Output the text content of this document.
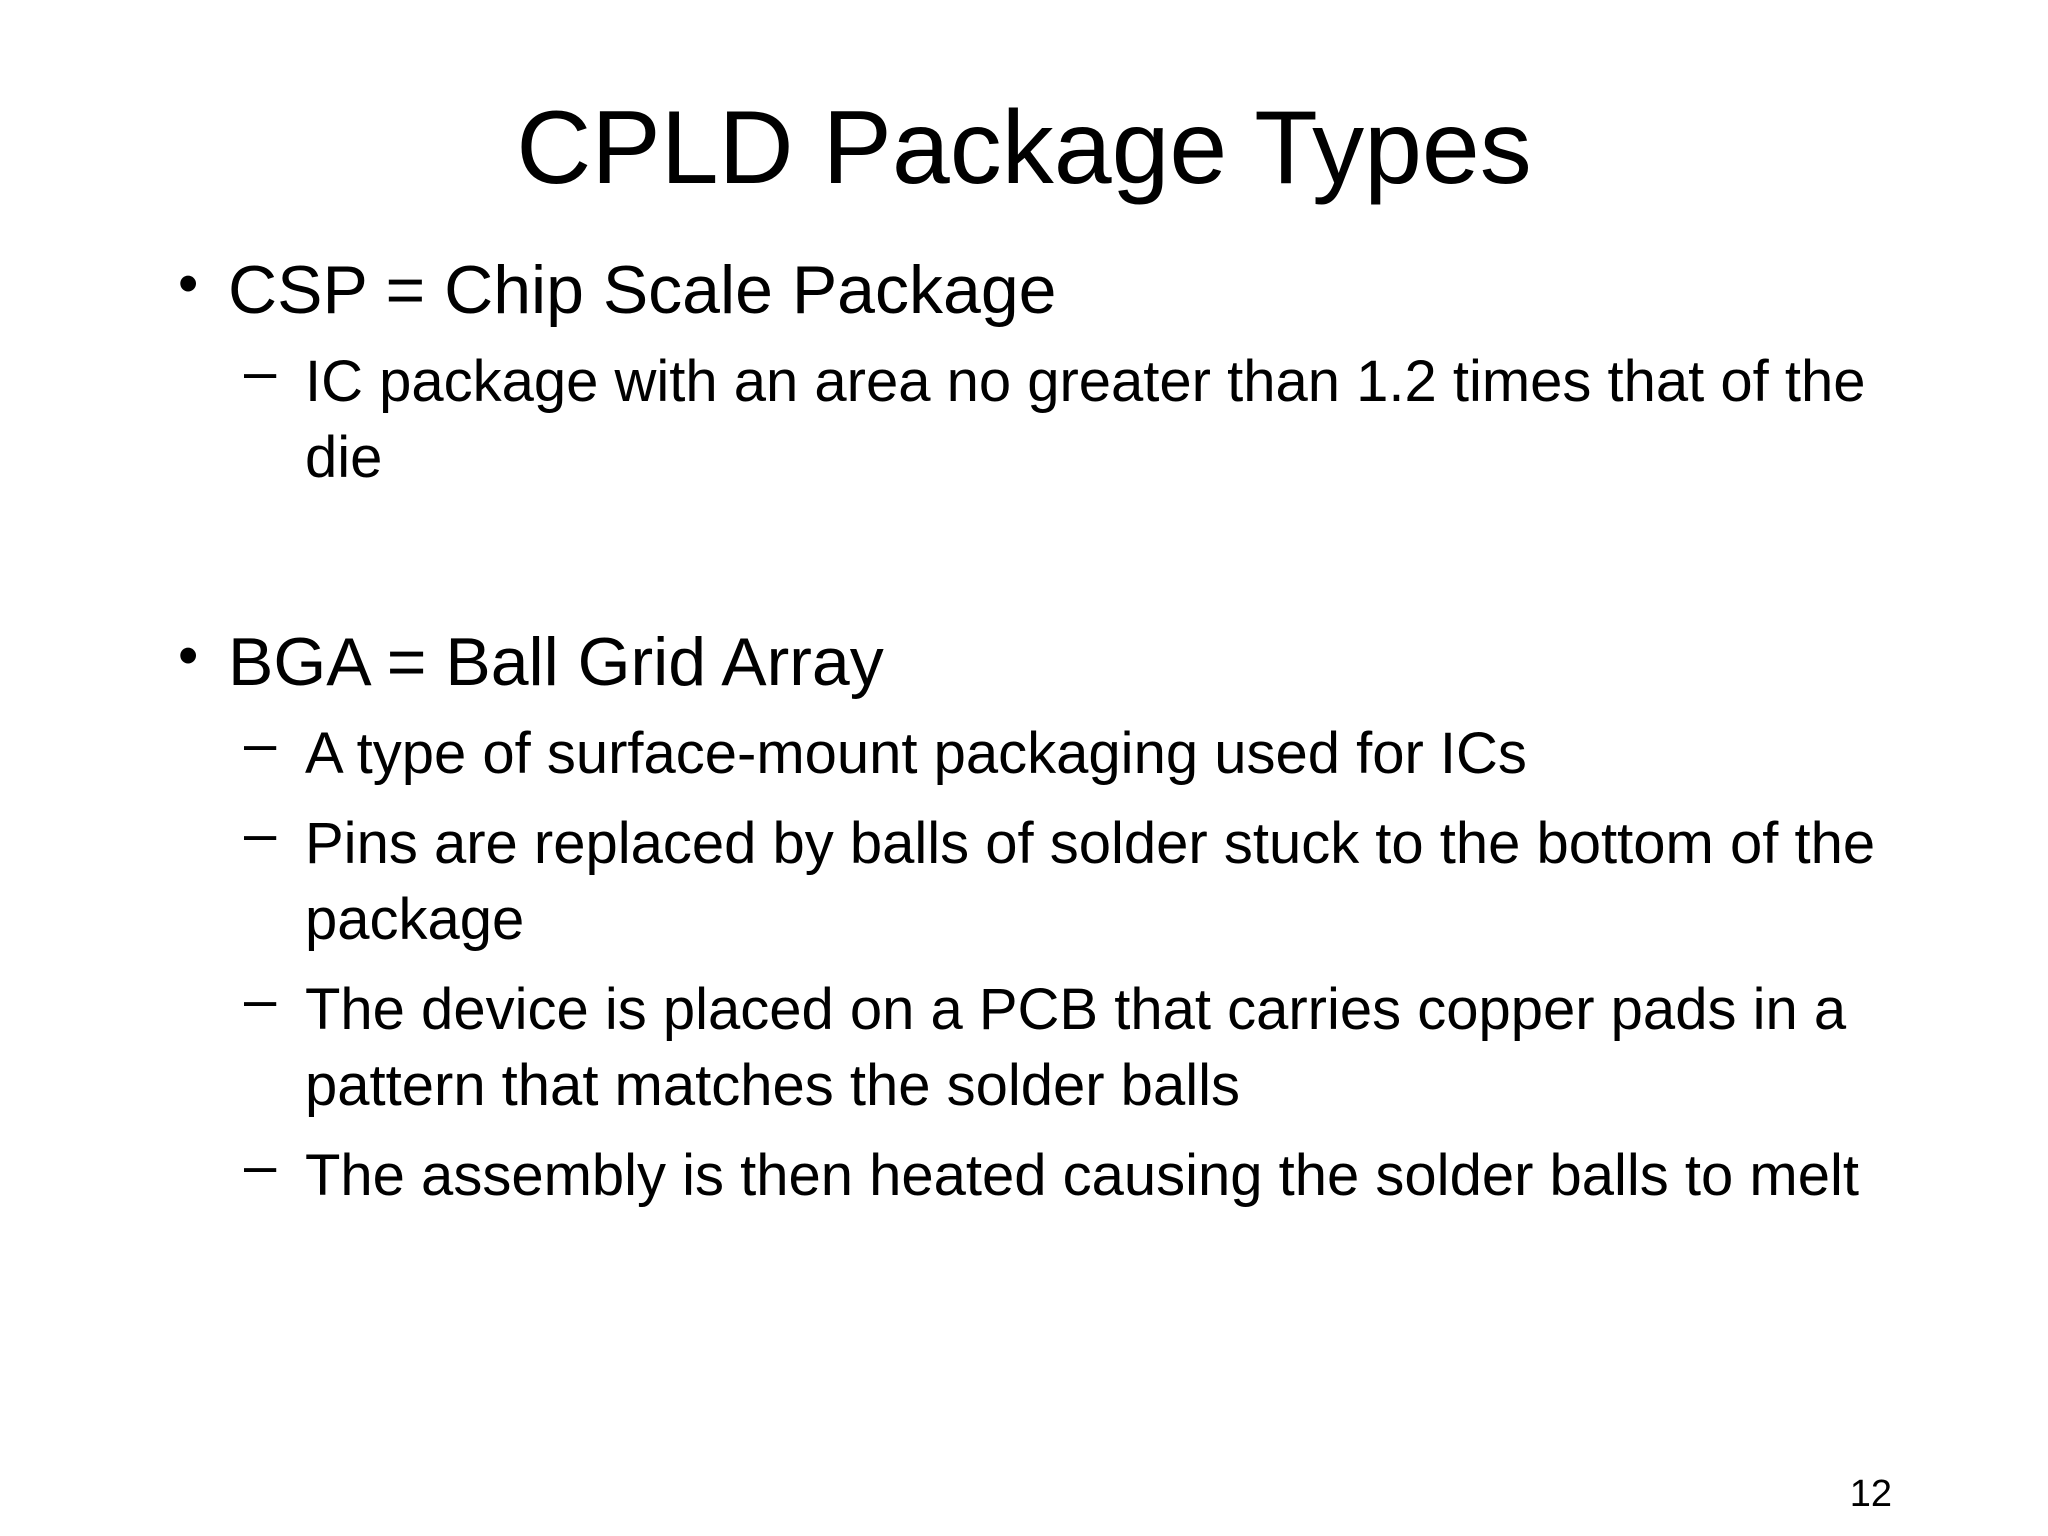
CPLD Package Types
• CSP = Chip Scale Package
– IC package with an area no greater than 1.2 times that of the die
• BGA = Ball Grid Array
– A type of surface-mount packaging used for ICs
– Pins are replaced by balls of solder stuck to the bottom of the package
– The device is placed on a PCB that carries copper pads in a pattern that matches the solder balls
– The assembly is then heated causing the solder balls to melt
12
